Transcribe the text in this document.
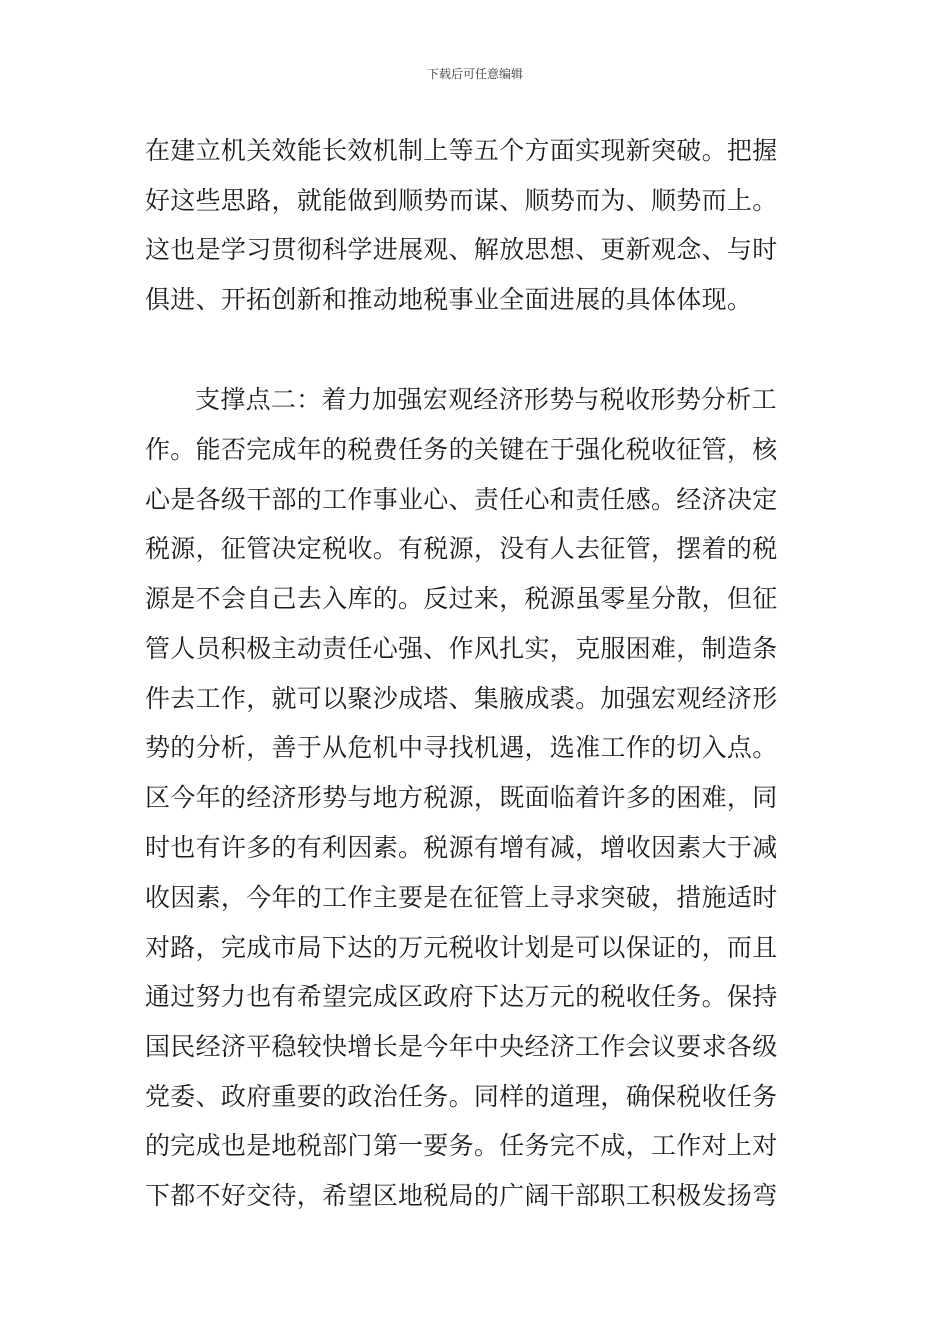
下载后可任意编辑
在建立机关效能长效机制上等五个方面实现新突破。把握
好这些思路，就能做到顺势而谋、顺势而为、顺势而上。
这也是学习贯彻科学进展观、解放思想、更新观念、与时
俱进、开拓创新和推动地税事业全面进展的具体体现。
支撑点二：着力加强宏观经济形势与税收形势分析工
作。能否完成年的税费任务的关键在于强化税收征管，核
心是各级干部的工作事业心、责任心和责任感。经济决定
税源，征管决定税收。有税源，没有人去征管，摆着的税
源是不会自己去入库的。反过来，税源虽零星分散，但征
管人员积极主动责任心强、作风扎实，克服困难，制造条
件去工作，就可以聚沙成塔、集腋成裘。加强宏观经济形
势的分析，善于从危机中寻找机遇，选准工作的切入点。
区今年的经济形势与地方税源，既面临着许多的困难，同
时也有许多的有利因素。税源有增有减，增收因素大于减
收因素，今年的工作主要是在征管上寻求突破，措施适时
对路，完成市局下达的万元税收计划是可以保证的，而且
通过努力也有希望完成区政府下达万元的税收任务。保持
国民经济平稳较快增长是今年中央经济工作会议要求各级
党委、政府重要的政治任务。同样的道理，确保税收任务
的完成也是地税部门第一要务。任务完不成，工作对上对
下都不好交待，希望区地税局的广阔干部职工积极发扬弯
